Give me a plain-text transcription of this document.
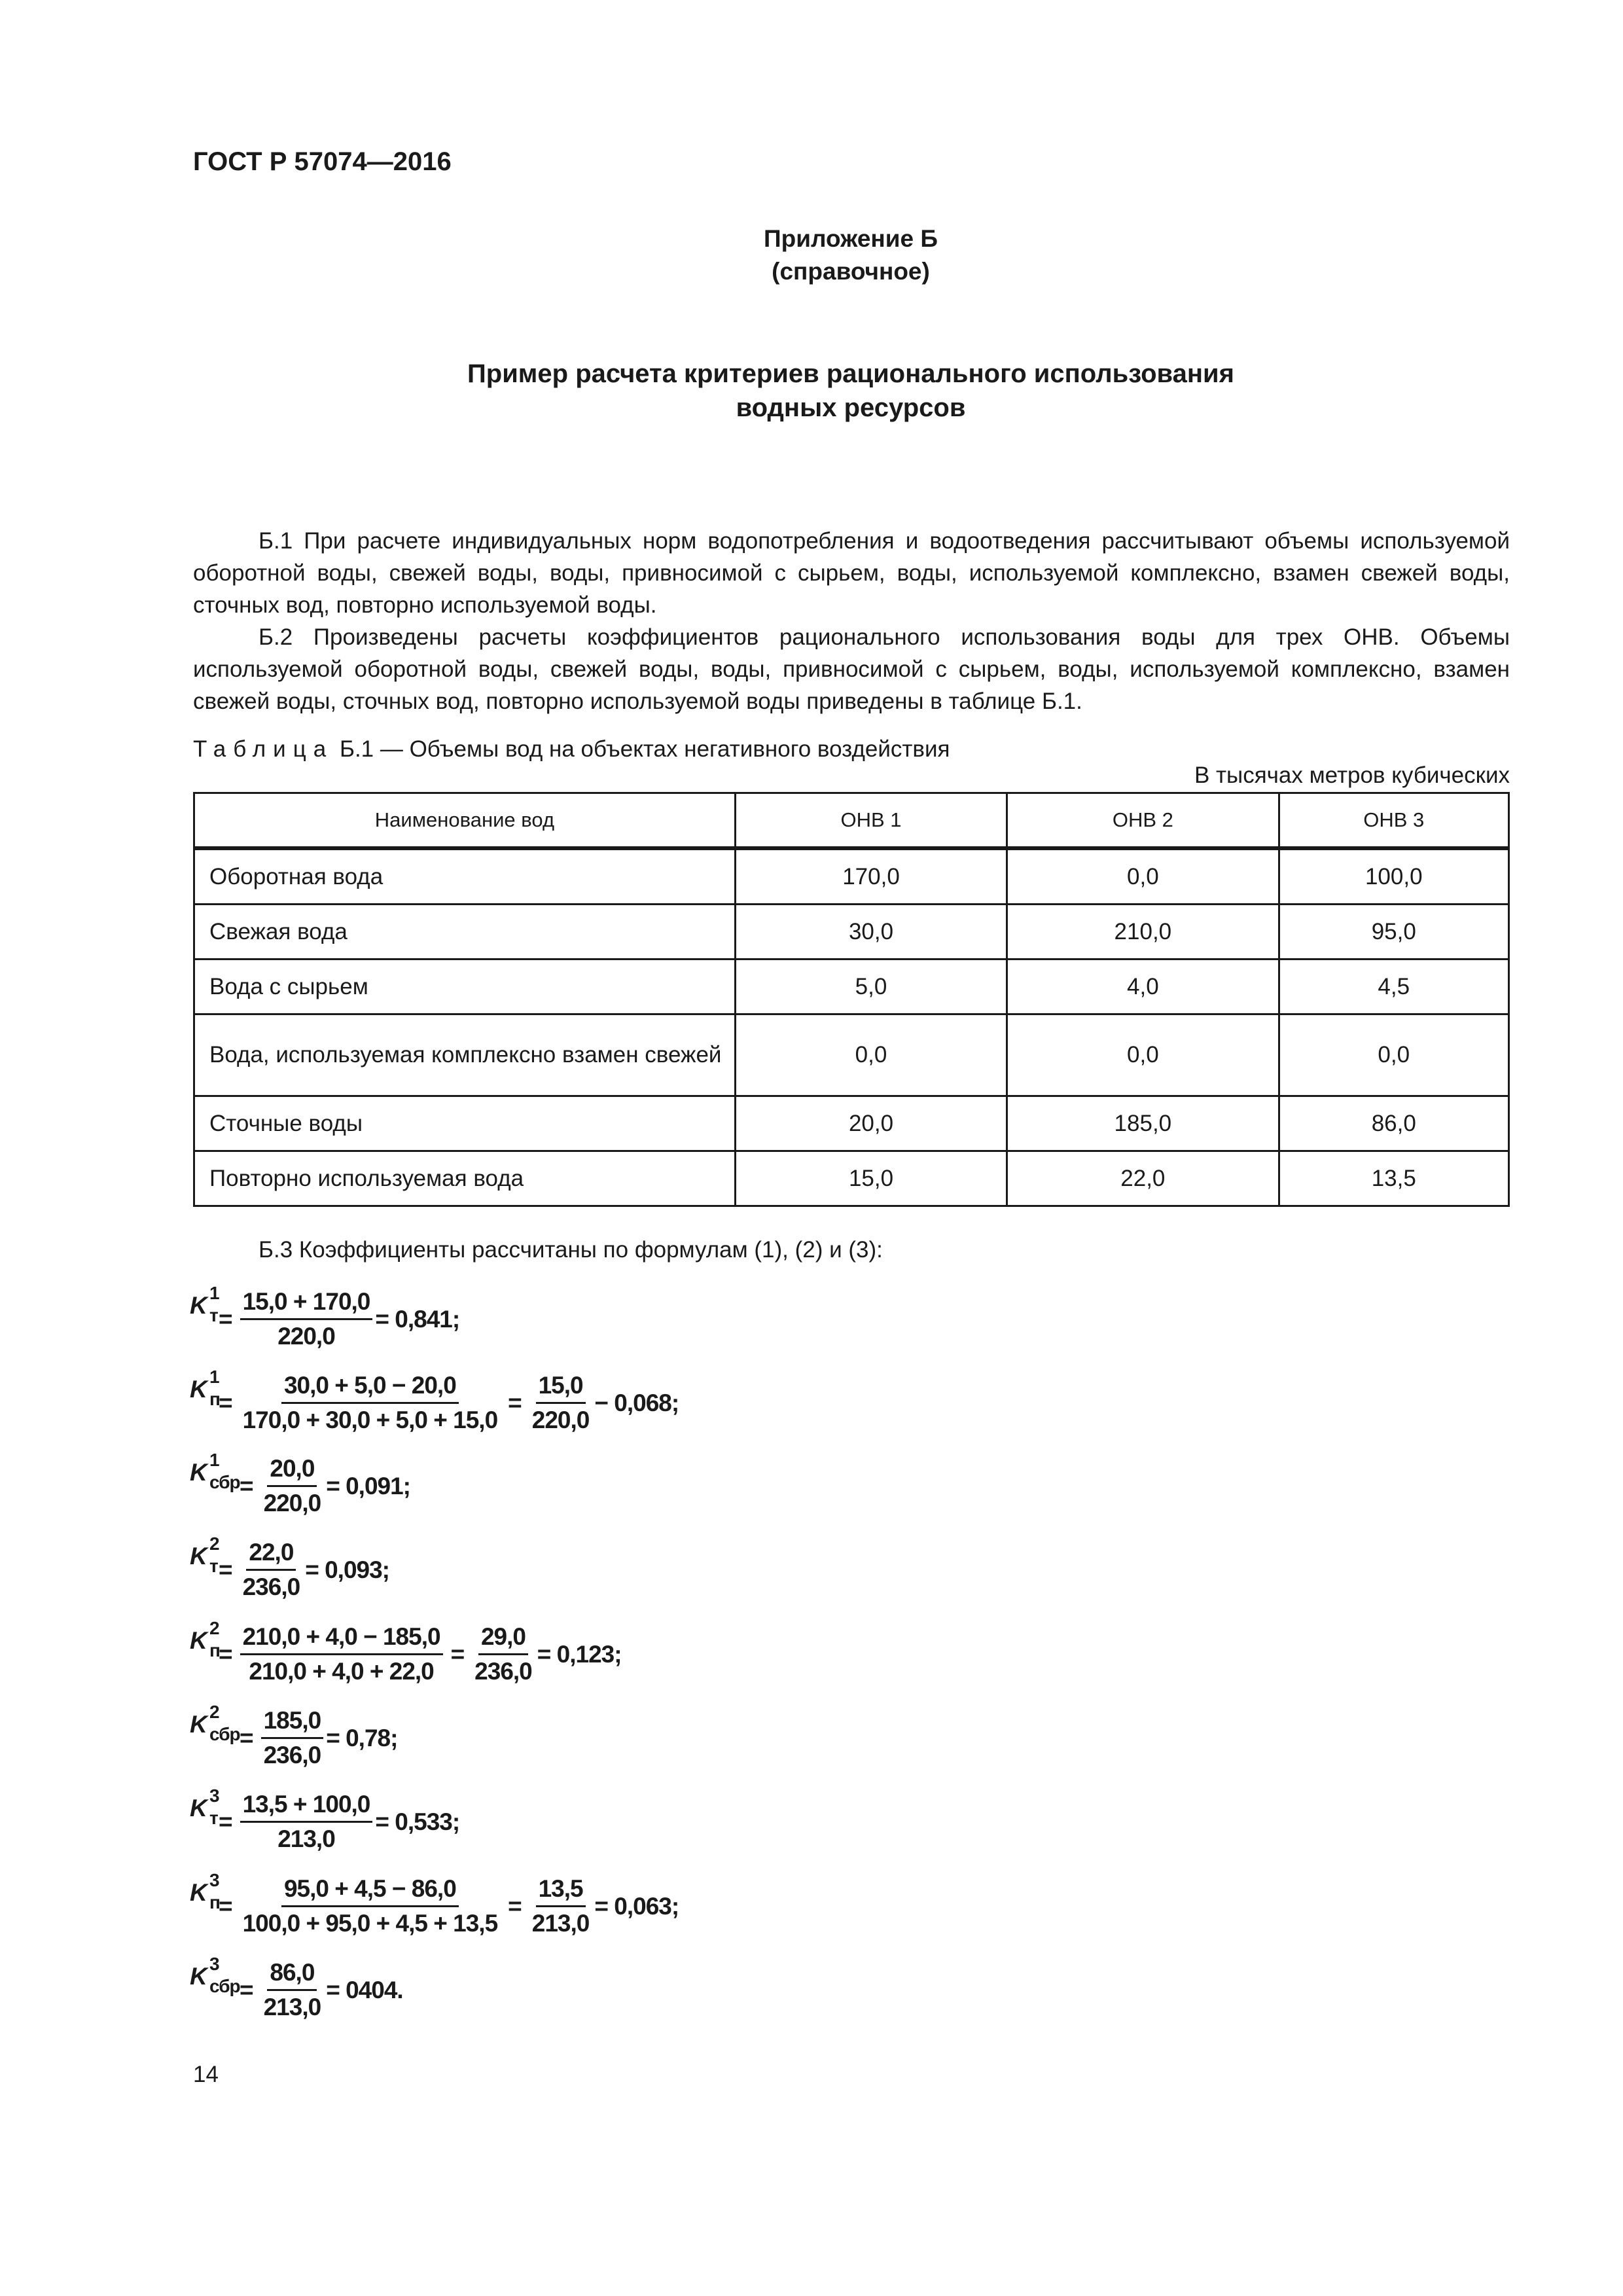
ГОСТ Р 57074—2016
Приложение Б
(справочное)
Пример расчета критериев рационального использования
водных ресурсов
Б.1 При расчете индивидуальных норм водопотребления и водоотведения рассчитывают объемы используемой оборотной воды, свежей воды, воды, привносимой с сырьем, воды, используемой комплексно, взамен свежей воды, сточных вод, повторно используемой воды.
Б.2 Произведены расчеты коэффициентов рационального использования воды для трех ОНВ. Объемы используемой оборотной воды, свежей воды, воды, привносимой с сырьем, воды, используемой комплексно, взамен свежей воды, сточных вод, повторно используемой воды приведены в таблице Б.1.
Таблица Б.1 — Объемы вод на объектах негативного воздействия
В тысячах метров кубических
Наименование вод	ОНВ 1	ОНВ 2	ОНВ 3
Оборотная вода	170,0	0,0	100,0
Свежая вода	30,0	210,0	95,0
Вода с сырьем	5,0	4,0	4,5
Вода, используемая комплексно взамен свежей	0,0	0,0	0,0
Сточные воды	20,0	185,0	86,0
Повторно используемая вода	15,0	22,0	13,5
Б.3 Коэффициенты рассчитаны по формулам (1), (2) и (3):
K 1
$т = \frac{15,0 + 170,0}{220,0} = 0,841$;
K 1
п
= $\frac{30,0 + 5,0 - 20,0}{170,0 + 30,0 + 5,0 + 15,0} = \frac{15,0}{220,0} - 0,068$;
K 1
сбр = $\frac{20,0}{220,0} = 0,091$;
K 2
$т = \frac{22,0}{236,0} = 0,093$;
K 2
п
= $\frac{210,0 + 4,0 - 185,0}{210,0 + 4,0 + 22,0} = \frac{29,0}{236,0} = 0,123$;
K 2
сбр = $\frac{185,0}{236,0} = 0,78$;
K 3
$т = \frac{13,5 + 100,0}{213,0} = 0,533$;
K 3
п
= $\frac{95,0 + 4,5 - 86,0}{100,0 + 95,0 + 4,5 + 13,5} = \frac{13,5}{213,0} = 0,063$;
K 3
сбр = $\frac{86,0}{213,0} = 0404$.
14
